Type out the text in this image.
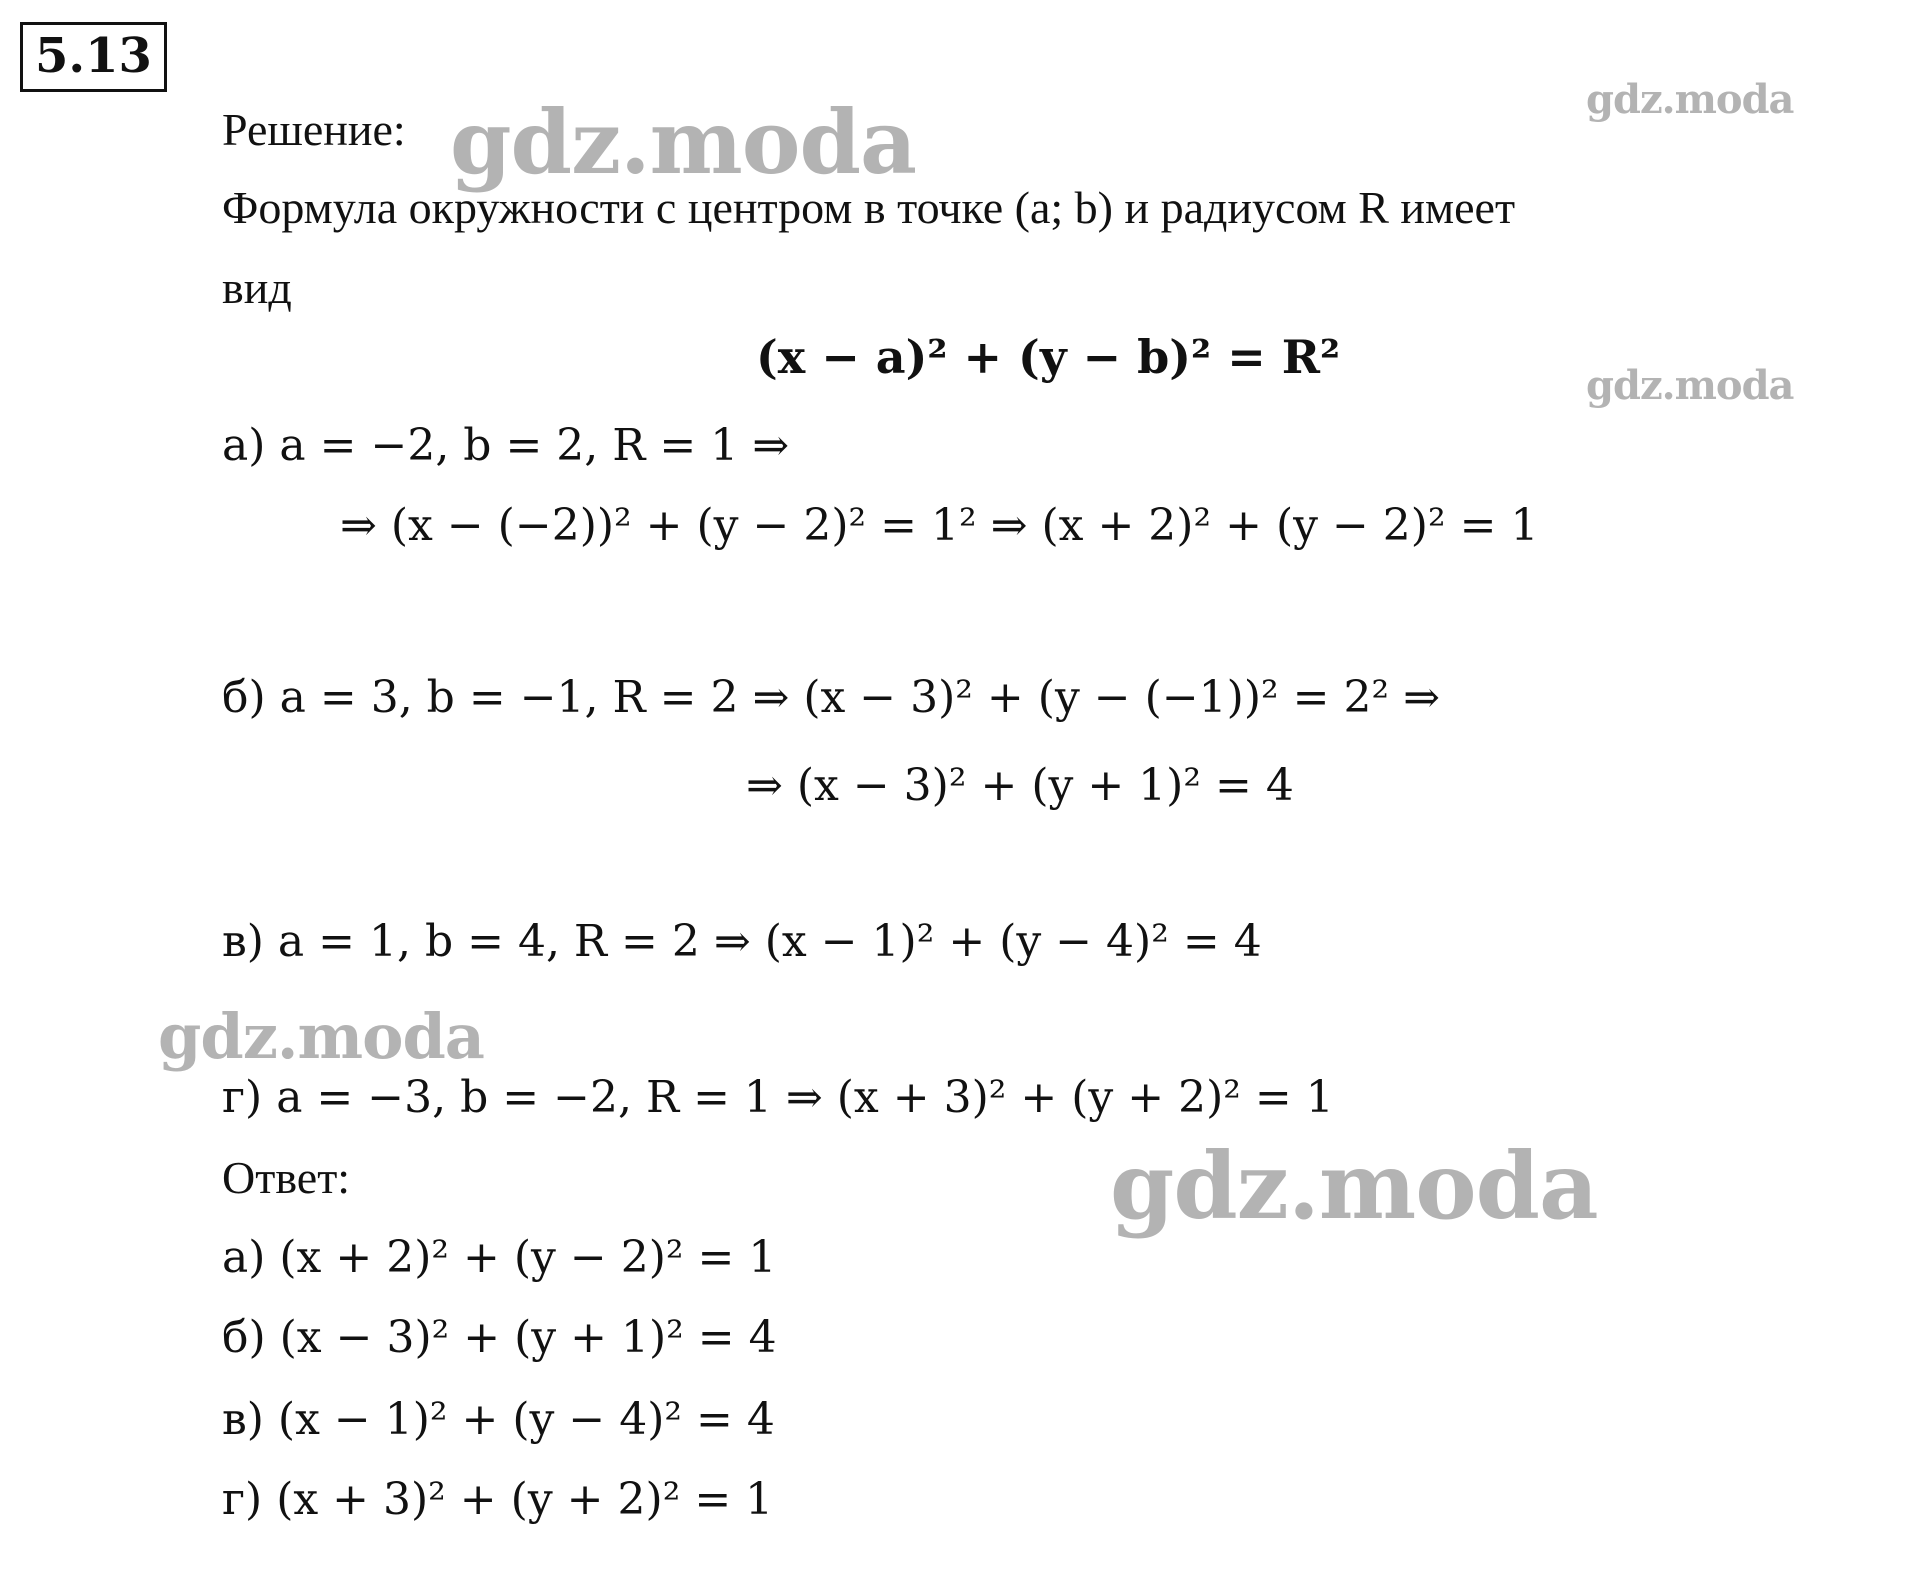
5.13
Решение:
Формула окружности с центром в точке (a; b) и радиусом R имеет
вид
(x − a)² + (y − b)² = R²
а) a = −2, b = 2, R = 1 ⇒
⇒ (x − (−2))² + (y − 2)² = 1² ⇒ (x + 2)² + (y − 2)² = 1
б) a = 3, b = −1, R = 2 ⇒ (x − 3)² + (y − (−1))² = 2² ⇒
⇒ (x − 3)² + (y + 1)² = 4
в) a = 1, b = 4, R = 2 ⇒ (x − 1)² + (y − 4)² = 4
г) a = −3, b = −2, R = 1 ⇒ (x + 3)² + (y + 2)² = 1
Ответ:
а) (x + 2)² + (y − 2)² = 1
б) (x − 3)² + (y + 1)² = 4
в) (x − 1)² + (y − 4)² = 4
г) (x + 3)² + (y + 2)² = 1
gdz.moda	gdz.moda
gdz.moda
gdz.moda
gdz.moda
